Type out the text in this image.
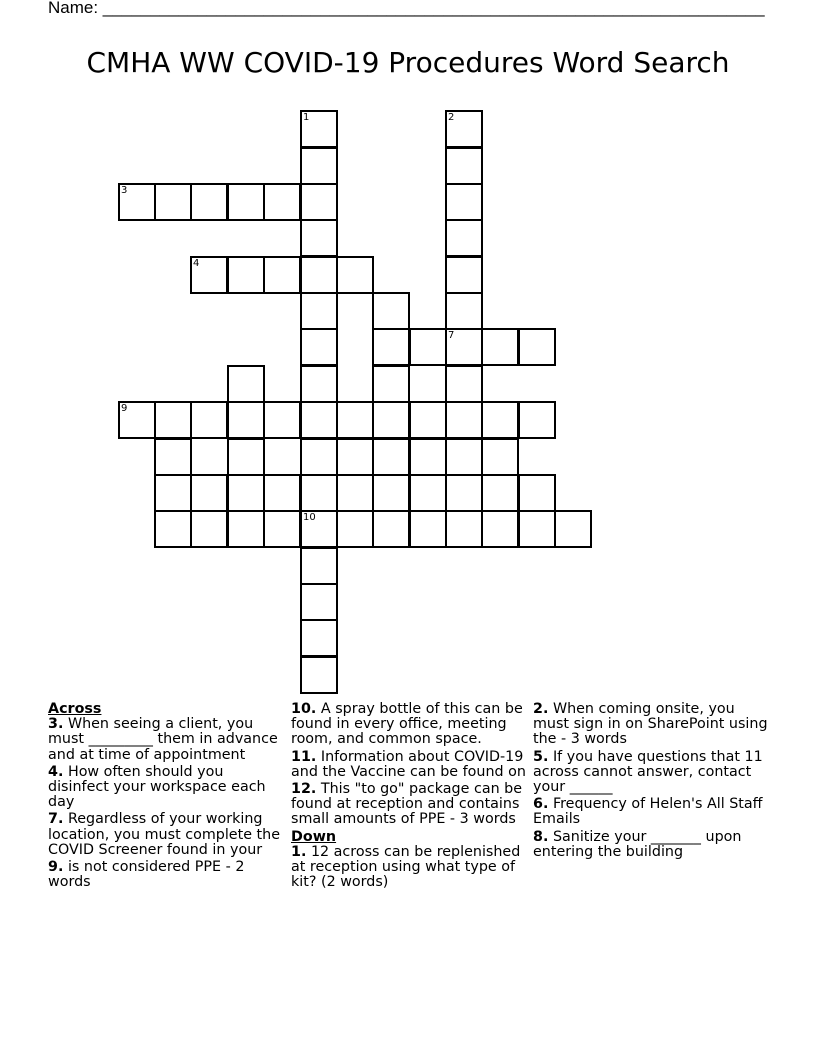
Name: ______________________________________________________________________
CMHA WW COVID-19 Procedures Word Search
3
4
7
9
10
1	2
Across
3. When seeing a client, you must _________ them in advance and at time of appointment
4. How often should you disinfect your workspace each day
7. Regardless of your working location, you must complete the COVID Screener found in your
9. is not considered PPE - 2 words
10. A spray bottle of this can be found in every office, meeting room, and common space.
11. Information about COVID-19 and the Vaccine can be found on
12. This "to go" package can be found at reception and contains small amounts of PPE - 3 words
Down
1. 12 across can be replenished at reception using what type of kit? (2 words)
2. When coming onsite, you must sign in on SharePoint using the - 3 words
5. If you have questions that 11 across cannot answer, contact your ______
6. Frequency of Helen's All Staff Emails
8. Sanitize your _______ upon entering the building
